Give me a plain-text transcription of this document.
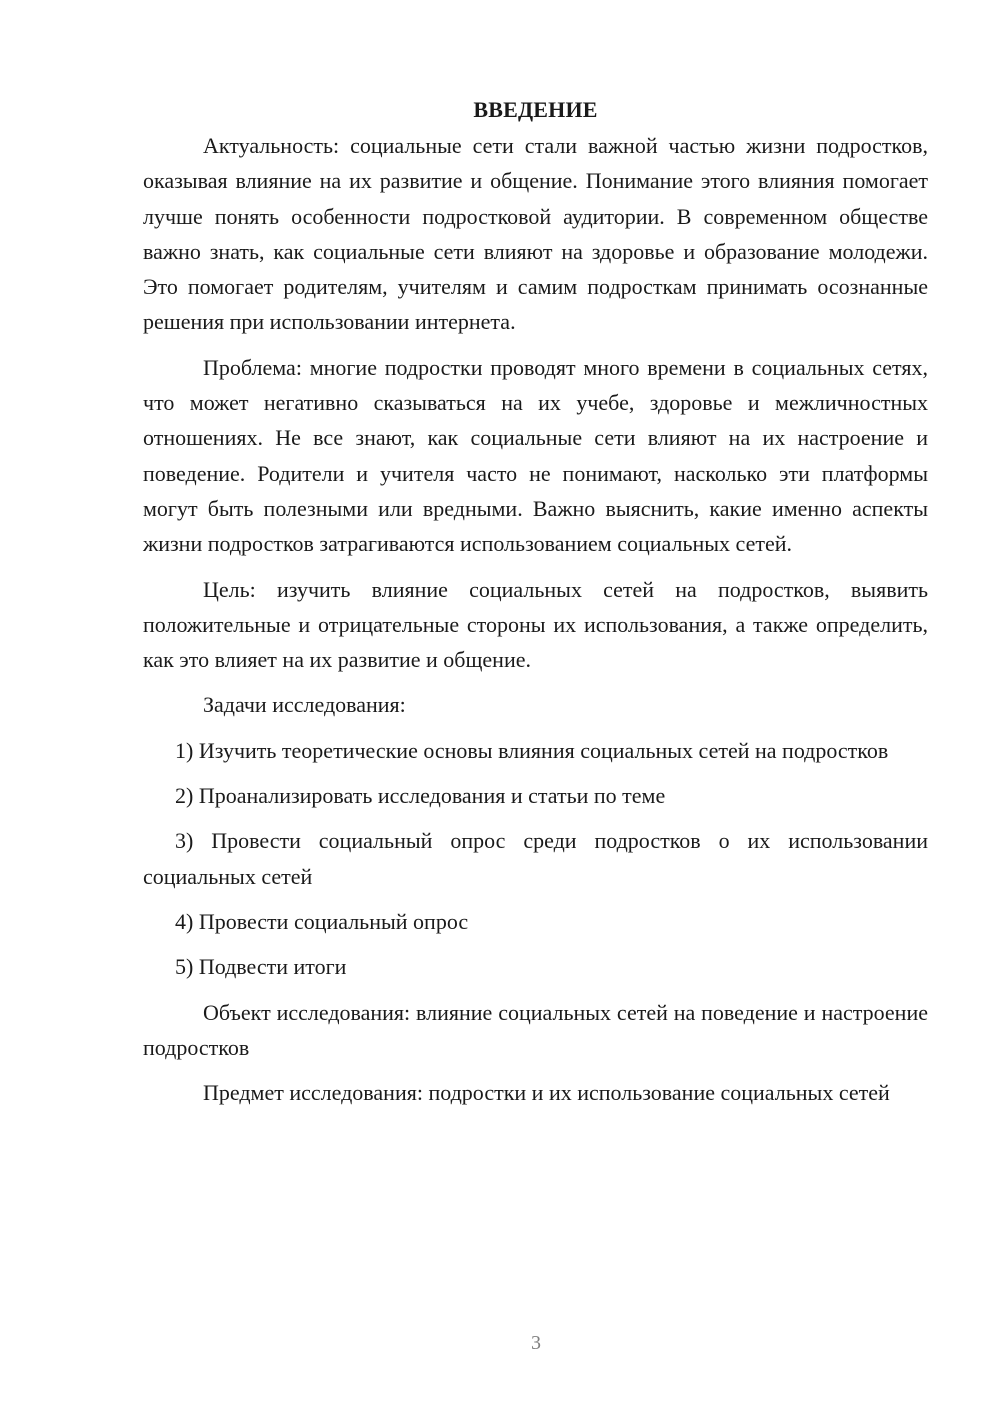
ВВЕДЕНИЕ

Актуальность: социальные сети стали важной частью жизни подростков, оказывая влияние на их развитие и общение. Понимание этого влияния помогает лучше понять особенности подростковой аудитории. В современном обществе важно знать, как социальные сети влияют на здоровье и образование молодежи. Это помогает родителям, учителям и самим подросткам принимать осознанные решения при использовании интернета.

Проблема: многие подростки проводят много времени в социальных сетях, что может негативно сказываться на их учебе, здоровье и межличностных отношениях. Не все знают, как социальные сети влияют на их настроение и поведение. Родители и учителя часто не понимают, насколько эти платформы могут быть полезными или вредными. Важно выяснить, какие именно аспекты жизни подростков затрагиваются использованием социальных сетей.

Цель: изучить влияние социальных сетей на подростков, выявить положительные и отрицательные стороны их использования, а также определить, как это влияет на их развитие и общение.

Задачи исследования:

1) Изучить теоретические основы влияния социальных сетей на подростков

2) Проанализировать исследования и статьи по теме

3) Провести социальный опрос среди подростков о их использовании социальных сетей

4) Провести социальный опрос

5) Подвести итоги

Объект исследования: влияние социальных сетей на поведение и настроение подростков

Предмет исследования: подростки и их использование социальных сетей

3
